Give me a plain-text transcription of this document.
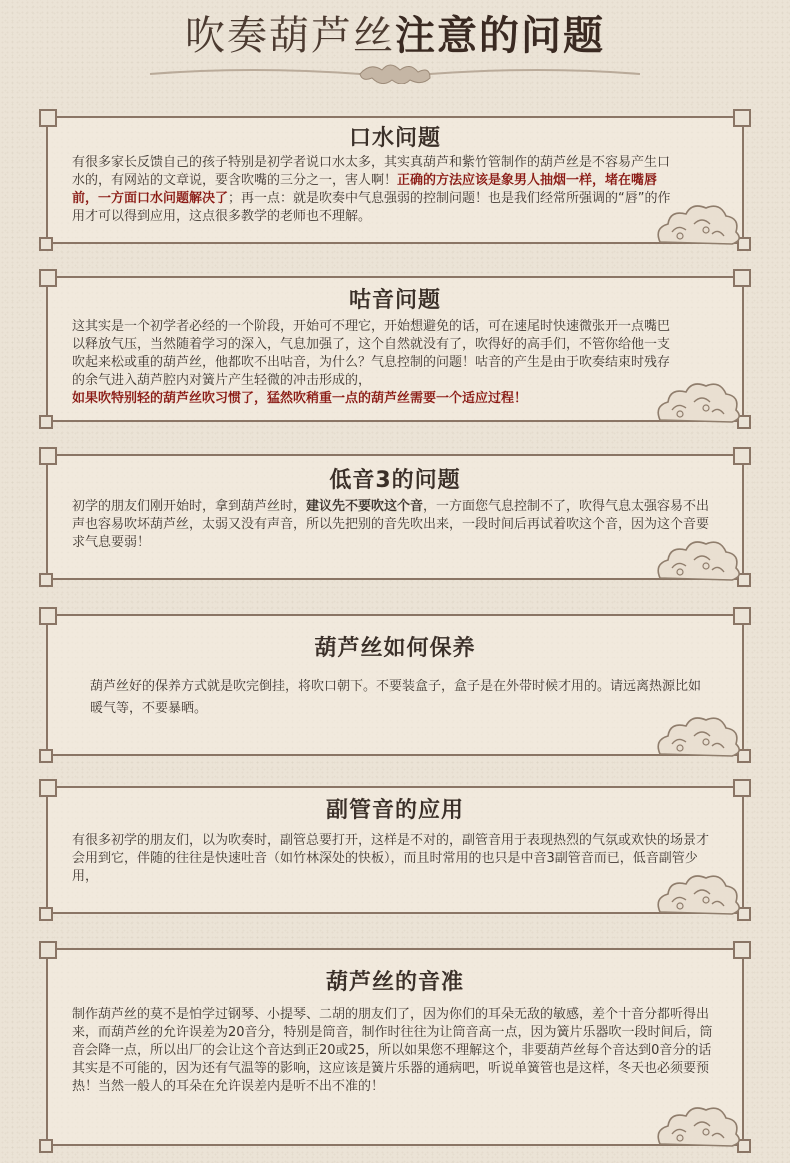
吹奏葫芦丝注意的问题
口水问题
有很多家长反馈自己的孩子特别是初学者说口水太多，其实真葫芦和紫竹管制作的葫芦丝是不容易产生口水的，有网站的文章说，要含吹嘴的三分之一，害人啊！正确的方法应该是象男人抽烟一样，堵在嘴唇前，一方面口水问题解决了；再一点：就是吹奏中气息强弱的控制问题！也是我们经常所强调的“唇”的作用才可以得到应用，这点很多教学的老师也不理解。
咕音问题
这其实是一个初学者必经的一个阶段，开始可不理它，开始想避免的话，可在速尾时快速微张开一点嘴巴以释放气压，当然随着学习的深入，气息加强了，这个自然就没有了，吹得好的高手们，不管你给他一支吹起来松或重的葫芦丝，他都吹不出咕音，为什么？气息控制的问题！咕音的产生是由于吹奏结束时残存的余气进入葫芦腔内对簧片产生轻微的冲击形成的，
如果吹特别轻的葫芦丝吹习惯了，猛然吹稍重一点的葫芦丝需要一个适应过程！
低音3的问题
初学的朋友们刚开始时，拿到葫芦丝时，建议先不要吹这个音，一方面您气息控制不了，吹得气息太强容易不出声也容易吹坏葫芦丝，太弱又没有声音，所以先把别的音先吹出来，一段时间后再试着吹这个音，因为这个音要求气息要弱！
葫芦丝如何保养
葫芦丝好的保养方式就是吹完倒挂，将吹口朝下。不要装盒子，盒子是在外带时候才用的。请远离热源比如暖气等，不要暴晒。
副管音的应用
有很多初学的朋友们，以为吹奏时，副管总要打开，这样是不对的，副管音用于表现热烈的气氛或欢快的场景才会用到它，伴随的往往是快速吐音（如竹林深处的快板），而且时常用的也只是中音3副管音而已，低音副管少用，
葫芦丝的音准
制作葫芦丝的莫不是怕学过钢琴、小提琴、二胡的朋友们了，因为你们的耳朵无敌的敏感，差个十音分都听得出来，而葫芦丝的允许误差为20音分，特别是筒音，制作时往往为让筒音高一点，因为簧片乐器吹一段时间后，筒音会降一点，所以出厂的会让这个音达到正20或25，所以如果您不理解这个，非要葫芦丝每个音达到0音分的话其实是不可能的，因为还有气温等的影响，这应该是簧片乐器的通病吧，听说单簧管也是这样，冬天也必须要预热！当然一般人的耳朵在允许误差内是听不出不准的！
